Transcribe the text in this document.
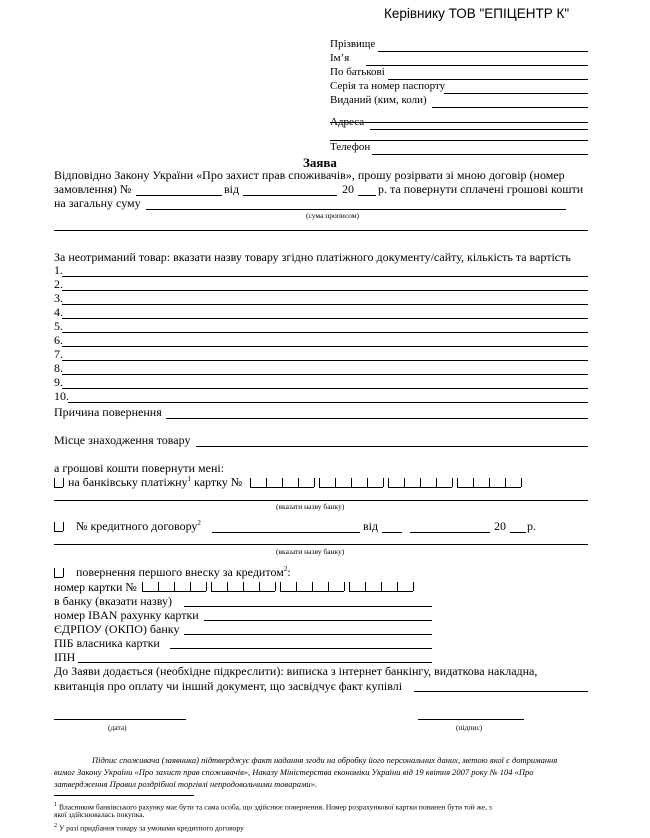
Керівнику ТОВ "ЕПІЦЕНТР К"
Прізвище
Ім’я
По батькові
Серія та номер паспорту
Виданий (ким, коли)
Адреса
Телефон
Заява
Відповідно Закону України «Про захист прав споживачів», прошу розірвати зі мною договір (номер
замовлення) №	від	20 р. та повернути сплачені грошові кошти
на загальну суму
(сума прописом)
За неотриманий товар: вказати назву товару згідно платіжного документу/сайту, кількість та вартість
1.
2.
3.
4.
5.
6.
7.
8.
9.
10.
Причина повернення
Місце знаходження товару
а грошові кошти повернути мені:
на банківську платіжну$^1$ картку №
(вказати назву банку)
№ кредитного договору$^2$	від	20 р.
(вказати назву банку)
повернення першого внеску за кредитом$^2$:
номер картки №
в банку (вказати назву)
номер IBAN рахунку картки
ЄДРПОУ (ОКПО) банку
ПІБ власника картки
ІПН
До Заяви додається (необхідне підкреслити): виписка з інтернет банкінгу, видаткова накладна,
квитанція про оплату чи інший документ, що засвідчує факт купівлі
(дата)	(підпис)
Підпис споживача (заявника) підтверджує факт надання згоди на обробку його персональних даних, метою якої є дотримання
вимог Закону України «Про захист прав споживачів», Наказу Міністерства економіки України від 19 квітня 2007 року № 104 «Про
затвердження Правил роздрібної торгівлі непродовольчими товарами».
$^1$ Власником банківського рахунку має бути та сама особа, що здійснює повернення. Номер розрахункової картки повинен бути той же, з
якої здійснювалась покупка.
$^2$ У разі придбання товару за умовами кредитного договору
